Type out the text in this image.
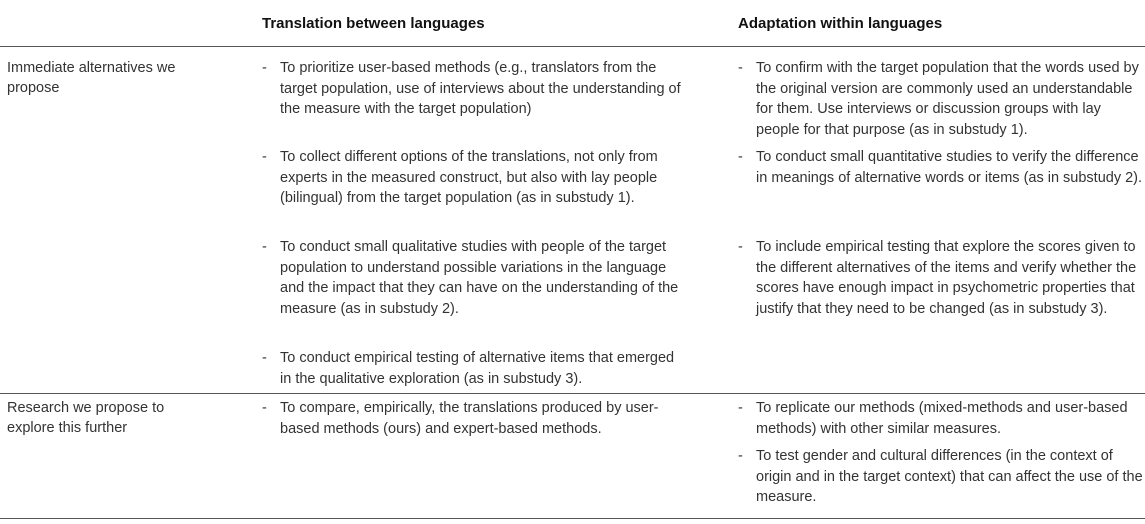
Translation between languages	Adaptation within languages
Immediate alternatives we propose
- To prioritize user-based methods (e.g., translators from the target population, use of interviews about the understanding of the measure with the target population)
- To collect different options of the translations, not only from experts in the measured construct, but also with lay people (bilingual) from the target population (as in substudy 1).
- To conduct small qualitative studies with people of the target population to understand possible variations in the language and the impact that they can have on the understanding of the measure (as in substudy 2).
- To conduct empirical testing of alternative items that emerged in the qualitative exploration (as in substudy 3).
- To confirm with the target population that the words used by the original version are commonly used an understandable for them. Use interviews or discussion groups with lay people for that purpose (as in substudy 1).
- To conduct small quantitative studies to verify the difference in meanings of alternative words or items (as in substudy 2).
- To include empirical testing that explore the scores given to the different alternatives of the items and verify whether the scores have enough impact in psychometric properties that justify that they need to be changed (as in substudy 3).
Research we propose to explore this further
- To compare, empirically, the translations produced by user-based methods (ours) and expert-based methods.
- To replicate our methods (mixed-methods and user-based methods) with other similar measures.
- To test gender and cultural differences (in the context of origin and in the target context) that can affect the use of the measure.
